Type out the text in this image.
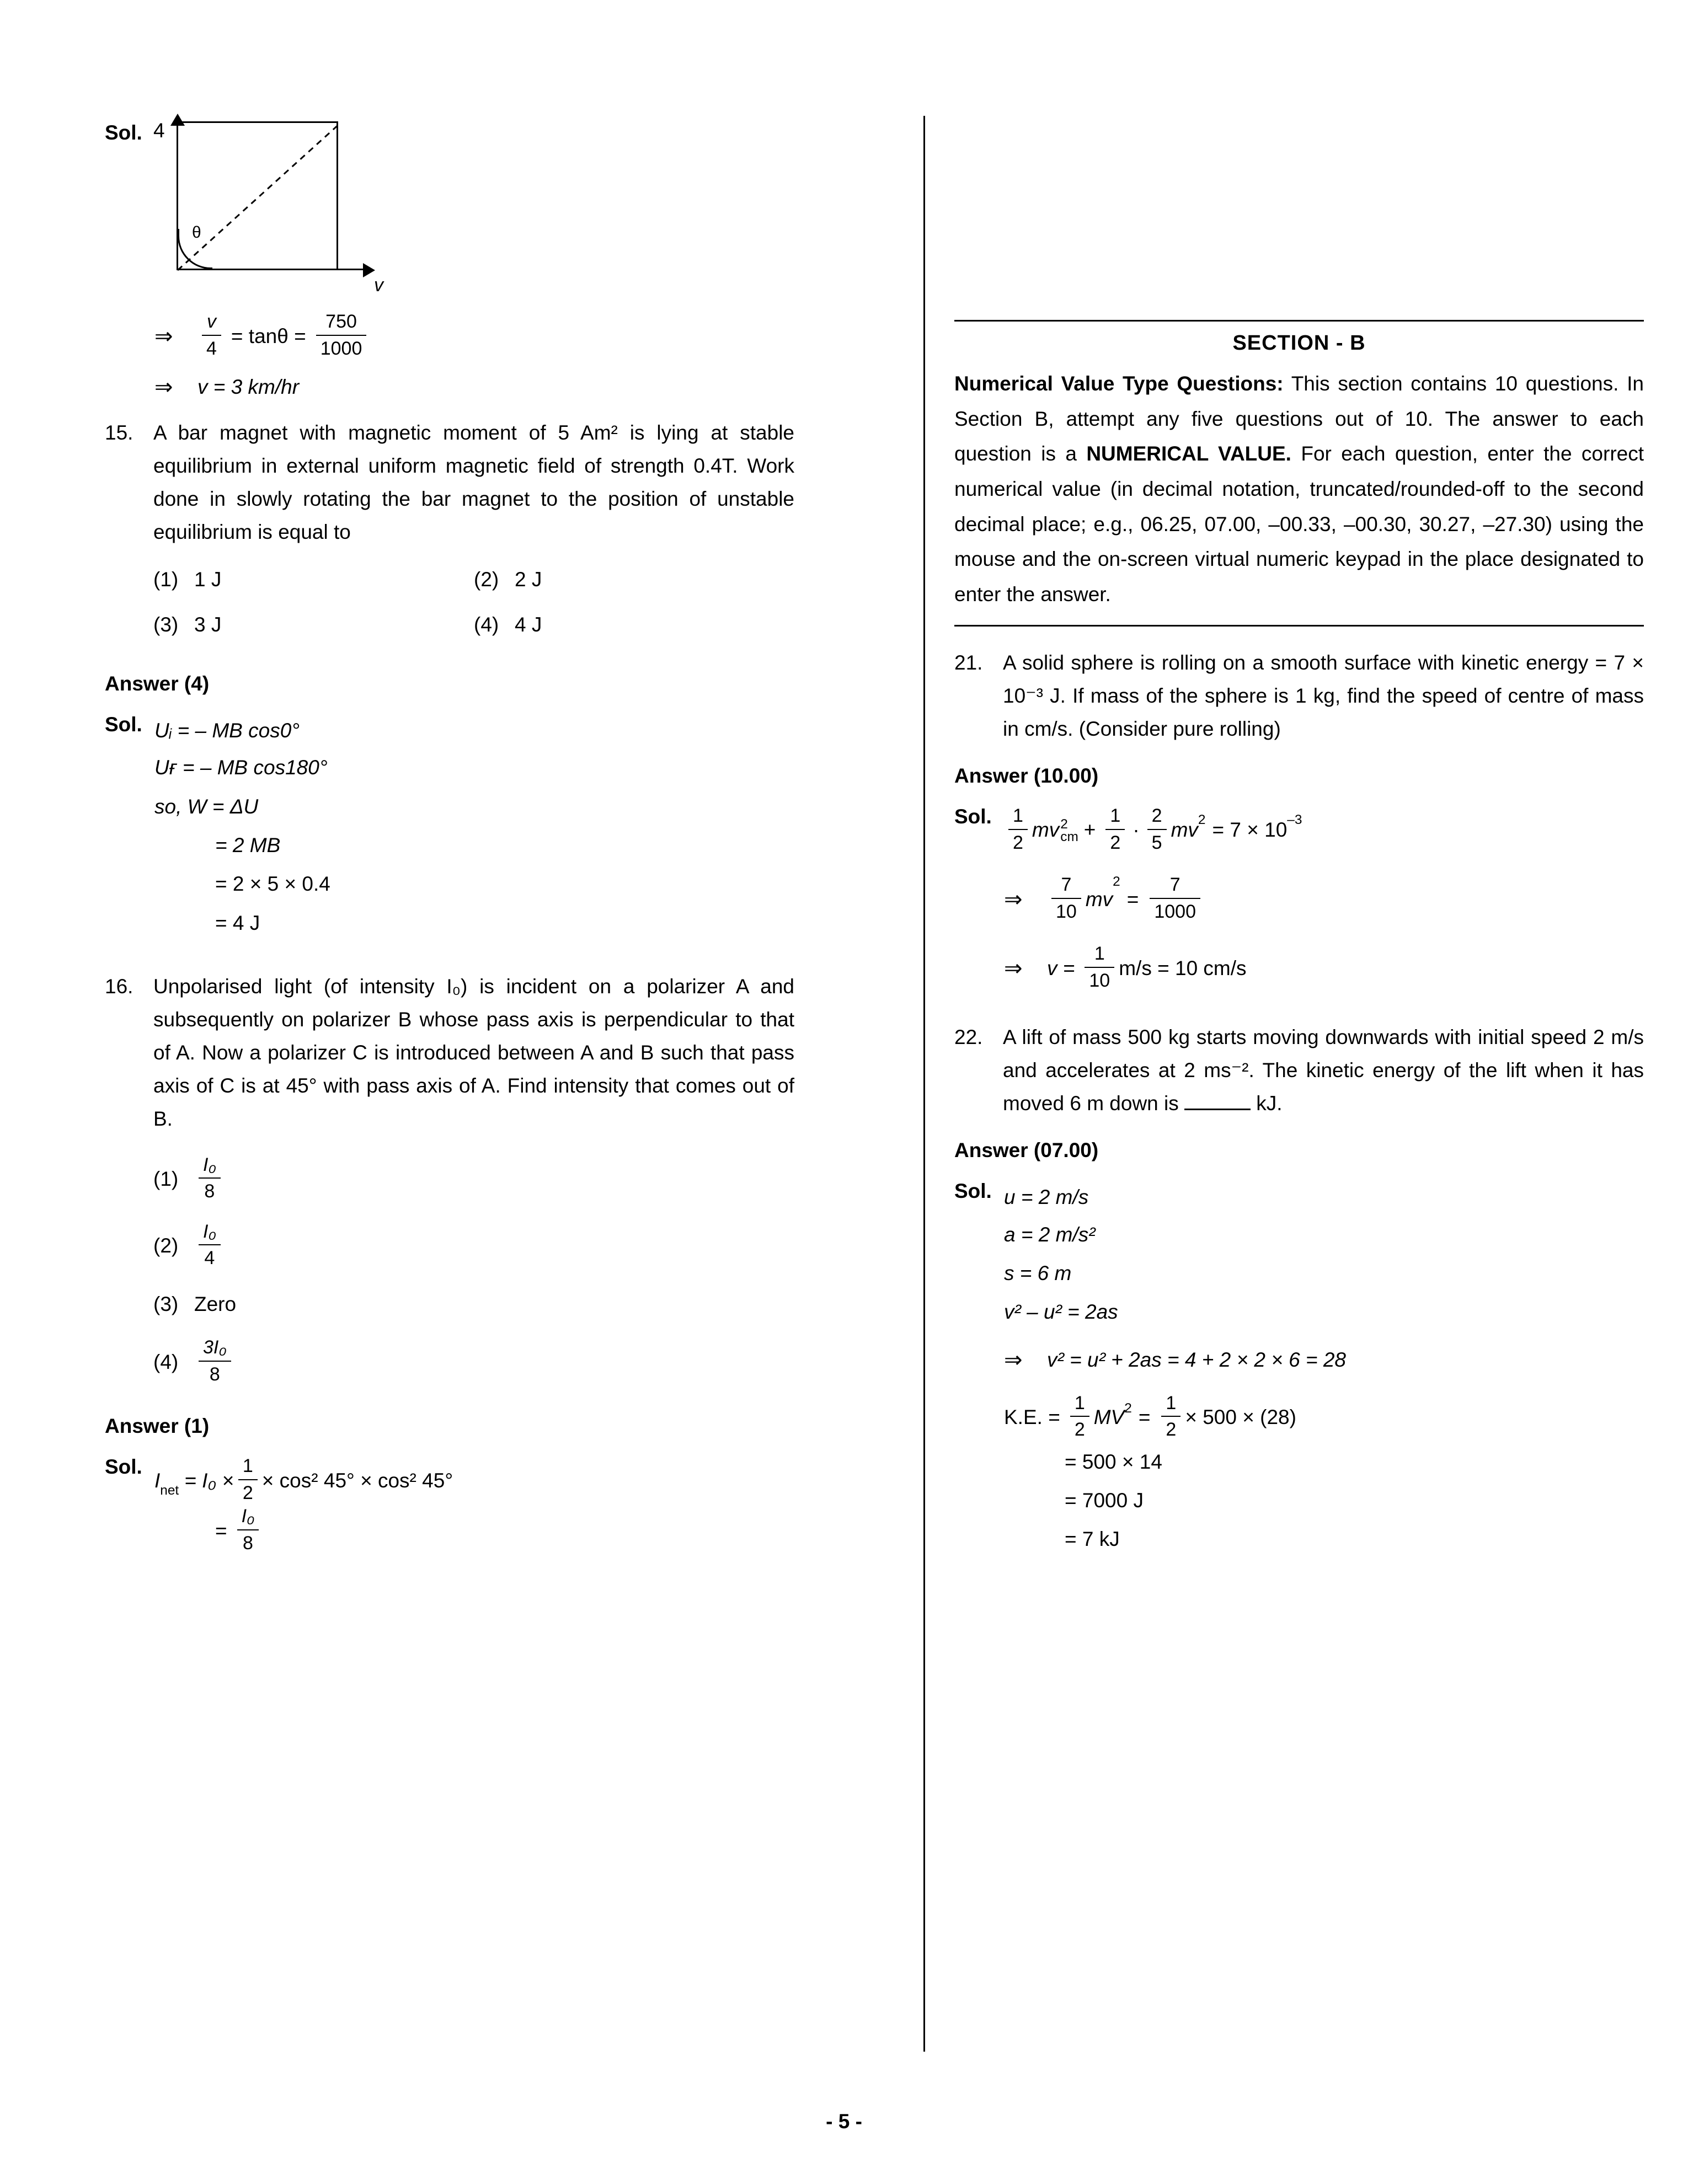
Sol. 4
θ
v
⇒	$\frac{v}{4} = \tan\theta = \frac{750}{1000}$
⇒	v = 3 km/hr
15. A bar magnet with magnetic moment of 5 Am² is lying at stable equilibrium in external uniform magnetic field of strength 0.4T. Work done in slowly rotating the bar magnet to the position of unstable equilibrium is equal to
(1) 1 J	(2) 2 J
(3) 3 J	(4) 4 J
Answer (4)
Sol. Uᵢ = – MB cos0°
Uғ = – MB cos180°
so, W = ΔU
= 2 MB
= 2 × 5 × 0.4
= 4 J
16. Unpolarised light (of intensity I₀) is incident on a polarizer A and subsequently on polarizer B whose pass axis is perpendicular to that of A. Now a polarizer C is introduced between A and B such that pass axis of C is at 45° with pass axis of A. Find intensity that comes out of B.
(1)	$\frac{\text{I₀}}{8}$
(2)	$\frac{\text{I₀}}{4}$
(3) Zero
(4)	$\frac{\text{3I₀}}{8}$
Answer (1)
Sol.
$I_{net} = I_0 \times \frac{1}{2} \times \cos^2$ 45° × cos² 45°
= $\frac{\text{I₀}}{8}$
SECTION - B
Numerical Value Type Questions: This section contains 10 questions. In Section B, attempt any five questions out of 10. The answer to each question is a NUMERICAL VALUE. For each question, enter the correct numerical value (in decimal notation, truncated/rounded-off to the second decimal place; e.g., 06.25, 07.00, –00.33, –00.30, 30.27, –27.30) using the mouse and the on-screen virtual numeric keypad in the place designated to enter the answer.
21. A solid sphere is rolling on a smooth surface with kinetic energy = 7 × 10⁻³ J. If mass of the sphere is 1 kg, find the speed of centre of mass in cm/s. (Consider pure rolling)
Answer (10.00)
Sol. $\frac{1}{2}$ mv 2
cm + $\frac{1}{2} \cdot \frac{2}{5} mv^2 = 7 \times 10^{-3}$
⇒	$\frac{7}{10}$ mv
$^2$
= $\frac{7}{1000}$
⇒	$v = \frac{1}{10} m/s = 10$ cm/s
22. A lift of mass 500 kg starts moving downwards with initial speed 2 m/s and accelerates at 2 ms⁻². The kinetic energy of the lift when it has moved 6 m down is	kJ.
Answer (07.00)
Sol. u = 2 m/s
a = 2 m/s²
s = 6 m
v² – u² = 2as
⇒	v² = u² + 2as = 4 + 2 × 2 × 6 = 28
K.E. = $\frac{1}{2} MV^2 = \frac{1}{2} \times 500 \times (28)$
= 500 × 14
= 7000 J
= 7 kJ
- 5 -
